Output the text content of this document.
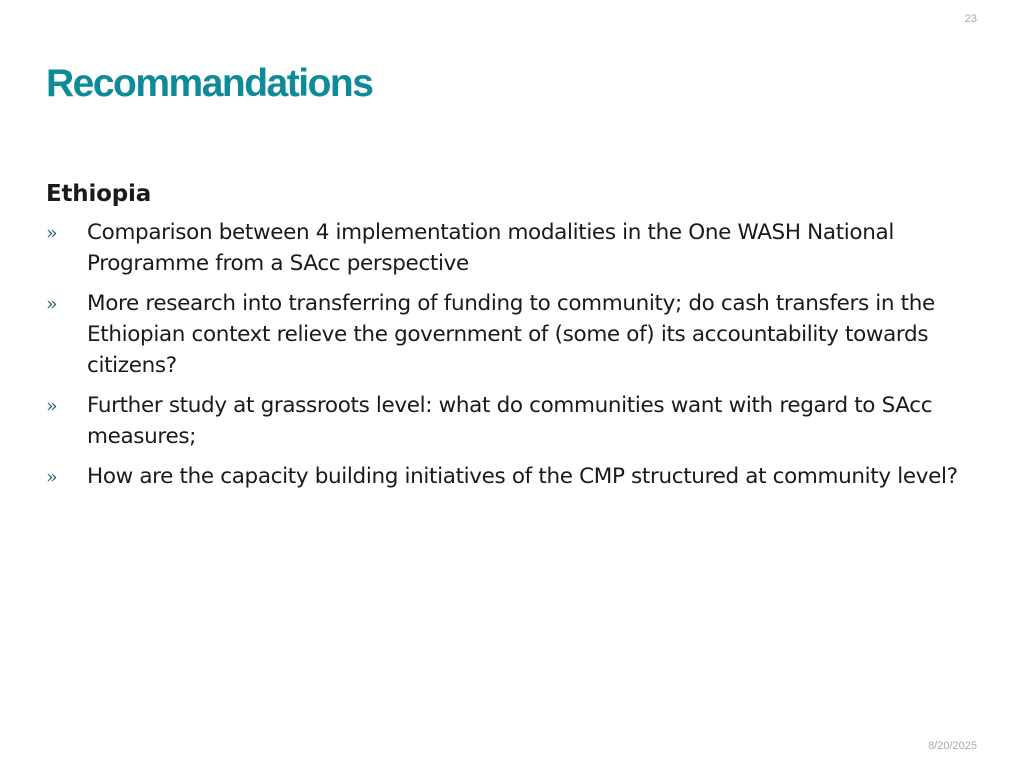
23
Recommandations
Ethiopia
» Comparison between 4 implementation modalities in the One WASH National Programme from a SAcc perspective
» More research into transferring of funding to community; do cash transfers in the Ethiopian context relieve the government of (some of) its accountability towards citizens?
» Further study at grassroots level: what do communities want with regard to SAcc measures;
» How are the capacity building initiatives of the CMP structured at community level?
8/20/2025
